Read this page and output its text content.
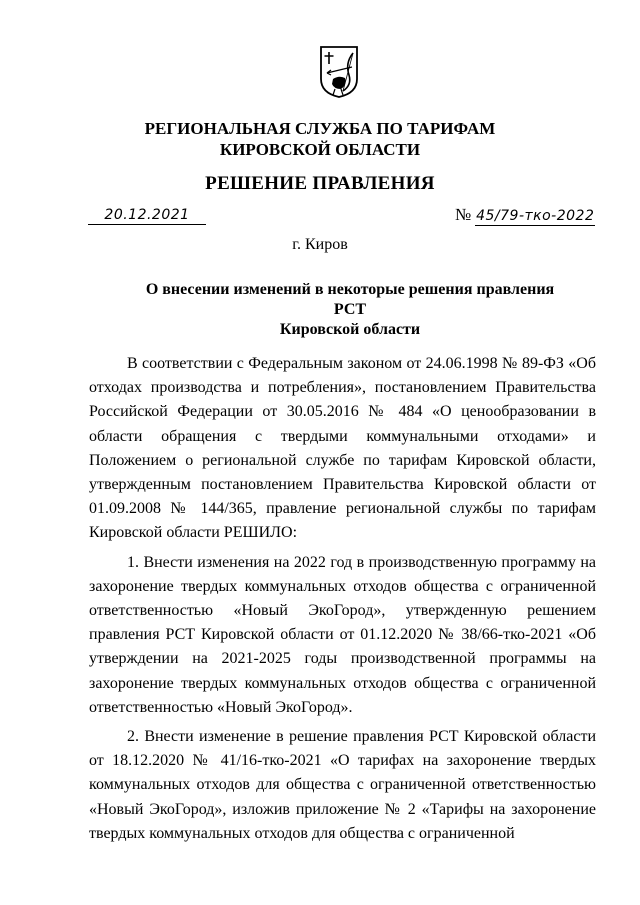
РЕГИОНАЛЬНАЯ СЛУЖБА ПО ТАРИФАМ
КИРОВСКОЙ ОБЛАСТИ
РЕШЕНИЕ ПРАВЛЕНИЯ
20.12.2021	№ 45/79-тко-2022
г. Киров
О внесении изменений в некоторые решения правления РСТ
Кировской области

В соответствии с Федеральным законом от 24.06.1998 № 89-ФЗ «Об отходах производства и потребления», постановлением Правительства Российской Федерации от 30.05.2016 № 484 «О ценообразовании в области обращения с твердыми коммунальными отходами» и Положением о региональной службе по тарифам Кировской области, утвержденным постановлением Правительства Кировской области от 01.09.2008 № 144/365, правление региональной службы по тарифам Кировской области РЕШИЛО:

1. Внести изменения на 2022 год в производственную программу на захоронение твердых коммунальных отходов общества с ограниченной ответственностью «Новый ЭкоГород», утвержденную решением правления РСТ Кировской области от 01.12.2020 № 38/66-тко-2021 «Об утверждении на 2021-2025 годы производственной программы на захоронение твердых коммунальных отходов общества с ограниченной ответственностью «Новый ЭкоГород».

2. Внести изменение в решение правления РСТ Кировской области от 18.12.2020 № 41/16-тко-2021 «О тарифах на захоронение твердых коммунальных отходов для общества с ограниченной ответственностью «Новый ЭкоГород», изложив приложение № 2 «Тарифы на захоронение твердых коммунальных отходов для общества с ограниченной
